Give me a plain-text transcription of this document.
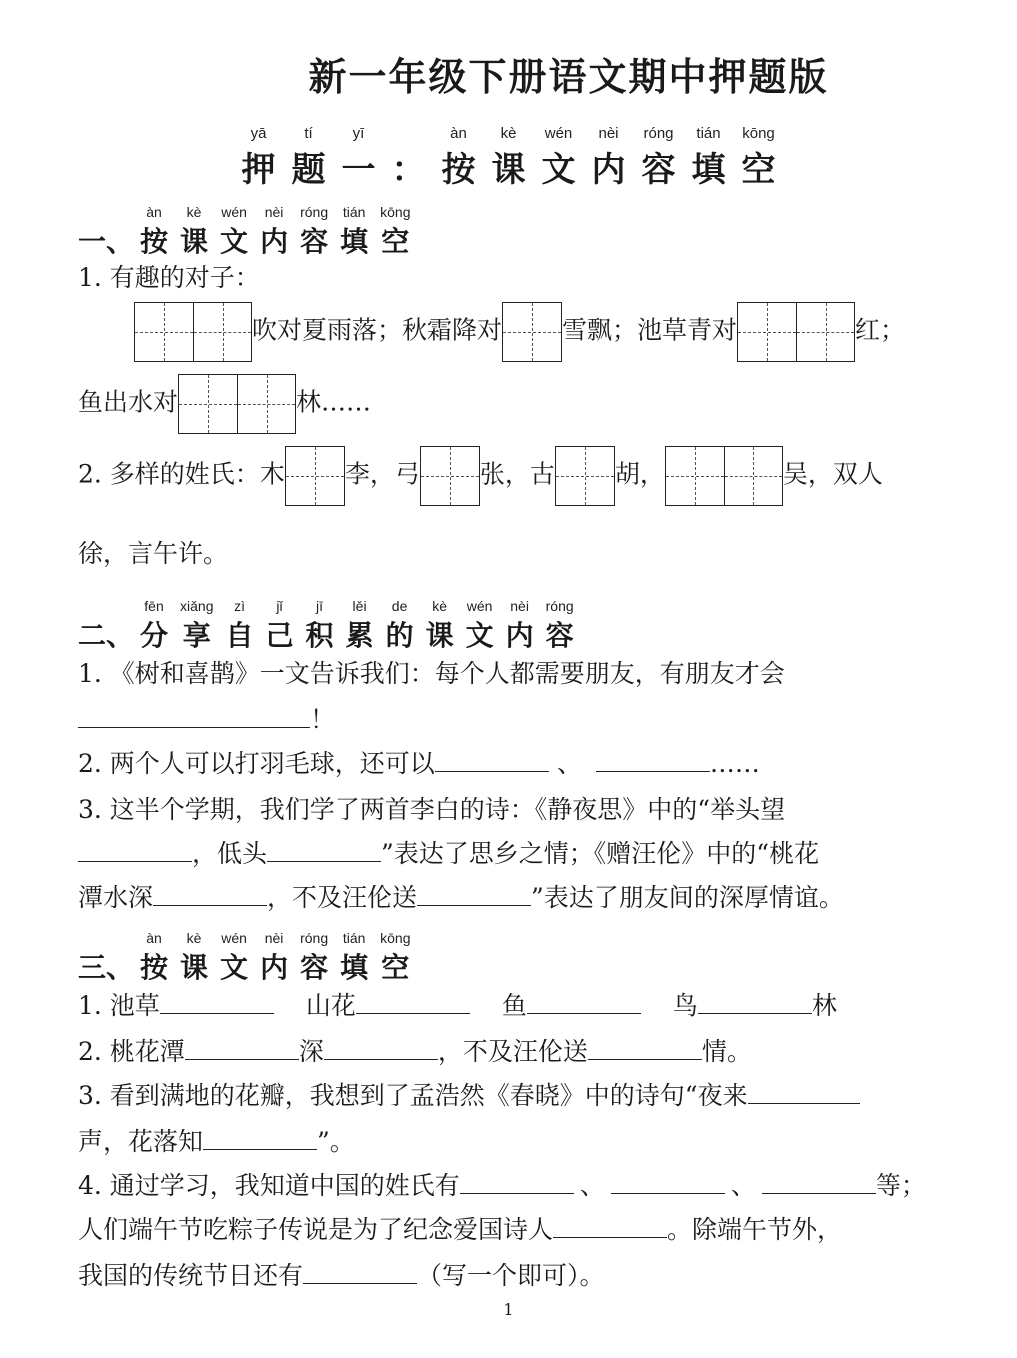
新一年级下册语文期中押题版
yā
押
tí
题
yī
一
：
àn
按
kè
课
wén
文
nèi
内
róng
容
tián
填
kōng
空
一、
àn
按
kè
课
wén
文
nèi
内
róng
容
tián
填
kōng
空
1. 有趣的对子：
吹对夏雨落；秋霜降对 雪飘；池草青对	红；
鱼出水对	林……
2. 多样的姓氏：木 李，弓 张，古 胡，	吴，双人
徐，言午许。
二、
fēn
分
xiǎng
享
zì
自
jǐ
己
jī
积
lěi
累
de
的
kè
课
wén
文
nèi
内
róng
容
1. 《树和喜鹊》一文告诉我们：每个人都需要朋友，有朋友才会
！
2. 两个人可以打羽毛球，还可以	、	……
3. 这半个学期，我们学了两首李白的诗：《静夜思》中的“举头望
，低头	”表达了思乡之情；《赠汪伦》中的“桃花
潭水深	，不及汪伦送	”表达了朋友间的深厚情谊。
三、
àn
按
kè
课
wén
文
nèi
内
róng
容
tián
填
kōng
空
1. 池草	山花	鱼	鸟	林
2. 桃花潭	深	，不及汪伦送	情。
3. 看到满地的花瓣，我想到了孟浩然《春晓》中的诗句“夜来
声，花落知	”。
4. 通过学习，我知道中国的姓氏有	、	、	等；
人们端午节吃粽子传说是为了纪念爱国诗人	。除端午节外，
我国的传统节日还有	（写一个即可）。
1
